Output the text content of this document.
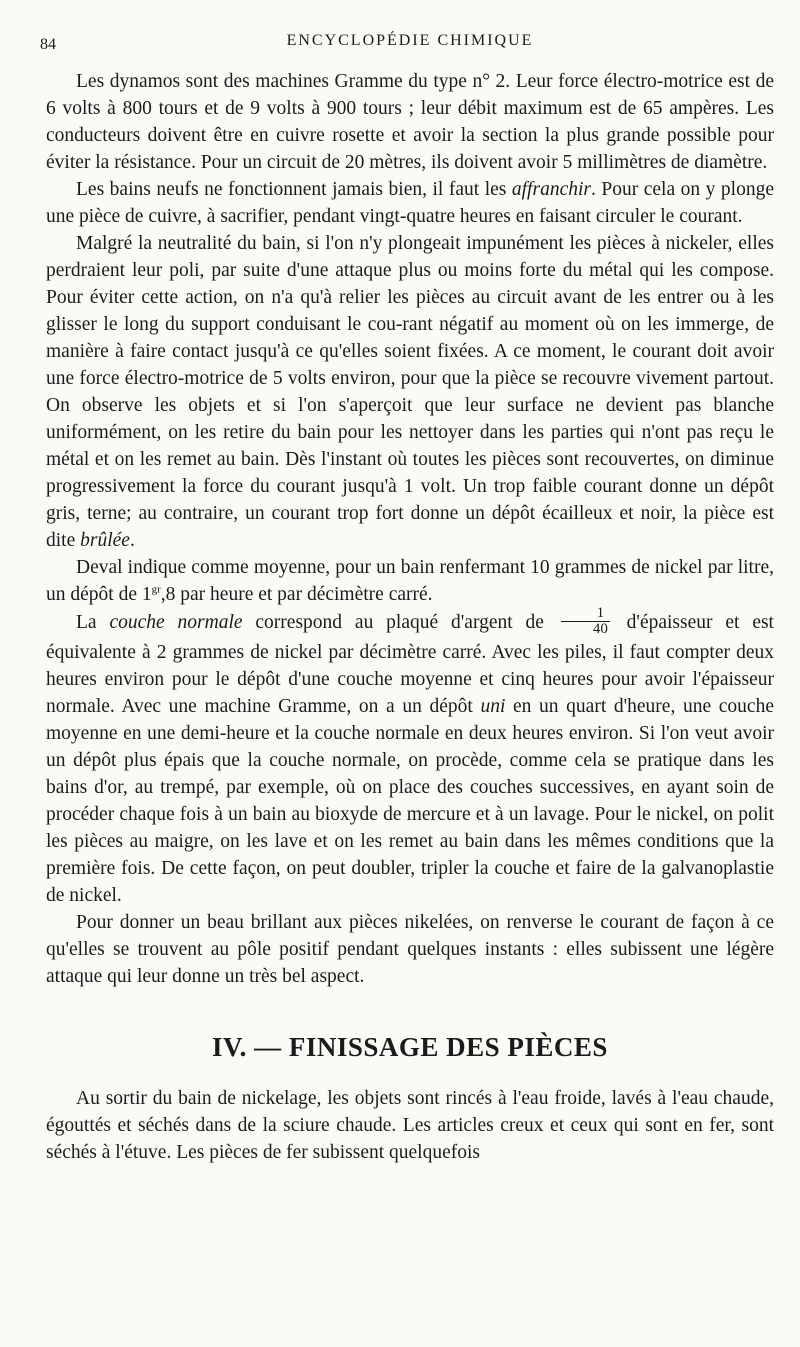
84	ENCYCLOPÉDIE CHIMIQUE

Les dynamos sont des machines Gramme du type n° 2. Leur force électro-motrice est de 6 volts à 800 tours et de 9 volts à 900 tours ; leur débit maximum est de 65 ampères. Les conducteurs doivent être en cuivre rosette et avoir la section la plus grande possible pour éviter la résistance. Pour un circuit de 20 mètres, ils doivent avoir 5 millimètres de diamètre.

Les bains neufs ne fonctionnent jamais bien, il faut les affranchir. Pour cela on y plonge une pièce de cuivre, à sacrifier, pendant vingt-quatre heures en faisant circuler le courant.

Malgré la neutralité du bain, si l'on n'y plongeait impunément les pièces à nickeler, elles perdraient leur poli, par suite d'une attaque plus ou moins forte du métal qui les compose. Pour éviter cette action, on n'a qu'à relier les pièces au circuit avant de les entrer ou à les glisser le long du support conduisant le cou-rant négatif au moment où on les immerge, de manière à faire contact jusqu'à ce qu'elles soient fixées. A ce moment, le courant doit avoir une force électro-motrice de 5 volts environ, pour que la pièce se recouvre vivement partout. On observe les objets et si l'on s'aperçoit que leur surface ne devient pas blanche uniformément, on les retire du bain pour les nettoyer dans les parties qui n'ont pas reçu le métal et on les remet au bain. Dès l'instant où toutes les pièces sont recouvertes, on diminue progressivement la force du courant jusqu'à 1 volt. Un trop faible courant donne un dépôt gris, terne; au contraire, un courant trop fort donne un dépôt écailleux et noir, la pièce est dite brûlée.

Deval indique comme moyenne, pour un bain renfermant 10 grammes de nickel par litre, un dépôt de $1^{gr},8$ par heure et par décimètre carré.

La couche normale correspond au plaqué d'argent de $\frac{1}{40}$ d'épaisseur et est équivalente à 2 grammes de nickel par décimètre carré. Avec les piles, il faut compter deux heures environ pour le dépôt d'une couche moyenne et cinq heures pour avoir l'épaisseur normale. Avec une machine Gramme, on a un dépôt uni en un quart d'heure, une couche moyenne en une demi-heure et la couche normale en deux heures environ. Si l'on veut avoir un dépôt plus épais que la couche normale, on procède, comme cela se pratique dans les bains d'or, au trempé, par exemple, où on place des couches successives, en ayant soin de procéder chaque fois à un bain au bioxyde de mercure et à un lavage. Pour le nickel, on polit les pièces au maigre, on les lave et on les remet au bain dans les mêmes conditions que la première fois. De cette façon, on peut doubler, tripler la couche et faire de la galvanoplastie de nickel.

Pour donner un beau brillant aux pièces nikelées, on renverse le courant de façon à ce qu'elles se trouvent au pôle positif pendant quelques instants : elles subissent une légère attaque qui leur donne un très bel aspect.

IV. — FINISSAGE DES PIÈCES

Au sortir du bain de nickelage, les objets sont rincés à l'eau froide, lavés à l'eau chaude, égouttés et séchés dans de la sciure chaude. Les articles creux et ceux qui sont en fer, sont séchés à l'étuve. Les pièces de fer subissent quelquefois
